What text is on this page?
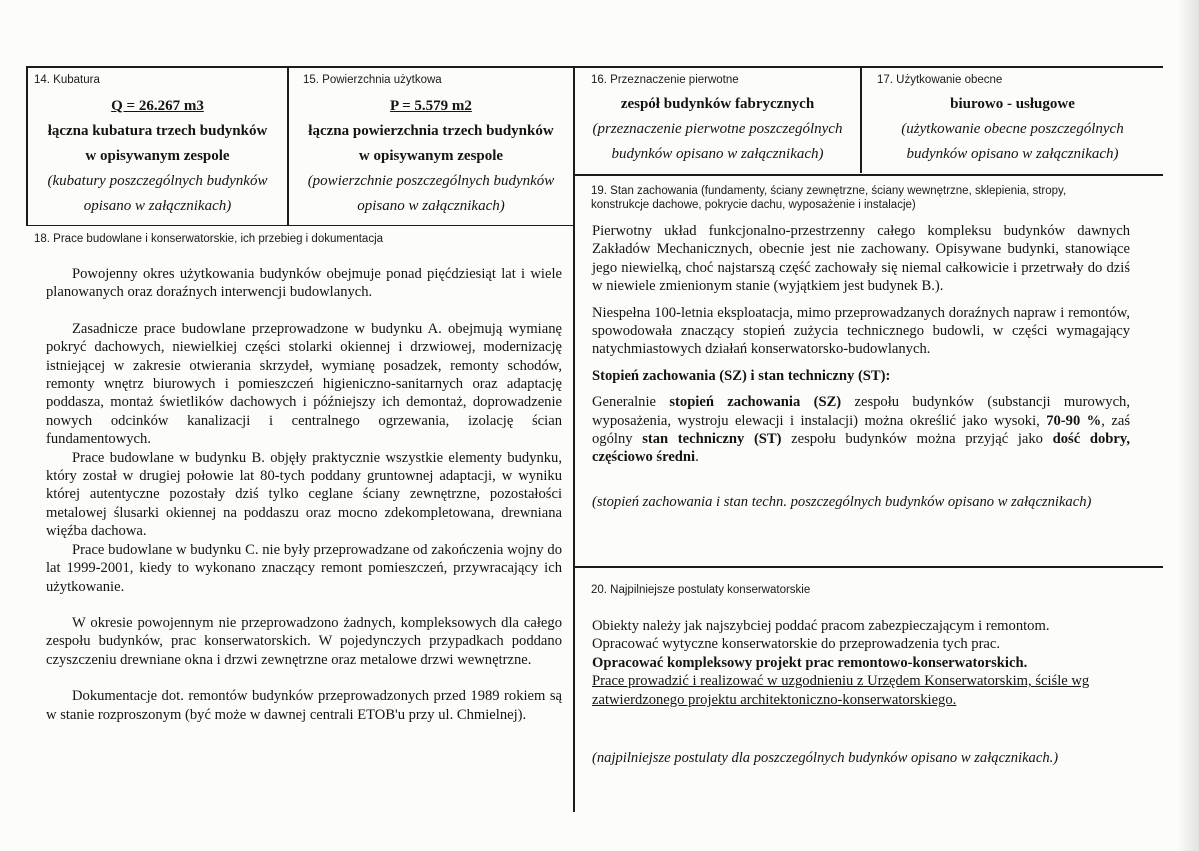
14. Kubatura
Q = 26.267 m3
łączna kubatura trzech budynków
w opisywanym zespole
(kubatury poszczególnych budynków
opisano w załącznikach)
15. Powierzchnia użytkowa
P = 5.579 m2
łączna powierzchnia trzech budynków
w opisywanym zespole
(powierzchnie poszczególnych budynków
opisano w załącznikach)
16. Przeznaczenie pierwotne
zespół budynków fabrycznych
(przeznaczenie pierwotne poszczególnych
budynków opisano w załącznikach)
17. Użytkowanie obecne
biurowo - usługowe
(użytkowanie obecne poszczególnych
budynków opisano w załącznikach)
18. Prace budowlane i konserwatorskie, ich przebieg i dokumentacja

Powojenny okres użytkowania budynków obejmuje ponad pięćdziesiąt lat i wiele planowanych oraz doraźnych interwencji budowlanych.

Zasadnicze prace budowlane przeprowadzone w budynku A. obejmują wymianę pokryć dachowych, niewielkiej części stolarki okiennej i drzwiowej, modernizację istniejącej w zakresie otwierania skrzydeł, wymianę posadzek, remonty schodów, remonty wnętrz biurowych i pomieszczeń higieniczno-sanitarnych oraz adaptację poddasza, montaż świetlików dachowych i późniejszy ich demontaż, doprowadzenie nowych odcinków kanalizacji i centralnego ogrzewania, izolację ścian fundamentowych.

Prace budowlane w budynku B. objęły praktycznie wszystkie elementy budynku, który został w drugiej połowie lat 80-tych poddany gruntownej adaptacji, w wyniku której autentyczne pozostały dziś tylko ceglane ściany zewnętrzne, pozostałości metalowej ślusarki okiennej na poddaszu oraz mocno zdekompletowana, drewniana więźba dachowa.

Prace budowlane w budynku C. nie były przeprowadzane od zakończenia wojny do lat 1999-2001, kiedy to wykonano znaczący remont pomieszczeń, przywracający ich użytkowanie.

W okresie powojennym nie przeprowadzono żadnych, kompleksowych dla całego zespołu budynków, prac konserwatorskich. W pojedynczych przypadkach poddano czyszczeniu drewniane okna i drzwi zewnętrzne oraz metalowe drzwi wewnętrzne.

Dokumentacje dot. remontów budynków przeprowadzonych przed 1989 rokiem są w stanie rozproszonym (być może w dawnej centrali ETOB'u przy ul. Chmielnej).

19. Stan zachowania (fundamenty, ściany zewnętrzne, ściany wewnętrzne, sklepienia, stropy,
konstrukcje dachowe, pokrycie dachu, wyposażenie i instalacje)

Pierwotny układ funkcjonalno-przestrzenny całego kompleksu budynków dawnych Zakładów Mechanicznych, obecnie jest nie zachowany. Opisywane budynki, stanowiące jego niewielką, choć najstarszą część zachowały się niemal całkowicie i przetrwały do dziś w niewiele zmienionym stanie (wyjątkiem jest budynek B.).

Niespełna 100-letnia eksploatacja, mimo przeprowadzanych doraźnych napraw i remontów, spowodowała znaczący stopień zużycia technicznego budowli, w części wymagający natychmiastowych działań konserwatorsko-budowlanych.

Stopień zachowania (SZ) i stan techniczny (ST):

Generalnie stopień zachowania (SZ) zespołu budynków (substancji murowych, wyposażenia, wystroju elewacji i instalacji) można określić jako wysoki, 70-90 %, zaś ogólny stan techniczny (ST) zespołu budynków można przyjąć jako dość dobry, częściowo średni.

(stopień zachowania i stan techn. poszczególnych budynków opisano w załącznikach)

20. Najpilniejsze postulaty konserwatorskie

Obiekty należy jak najszybciej poddać pracom zabezpieczającym i remontom.

Opracować wytyczne konserwatorskie do przeprowadzenia tych prac.

Opracować kompleksowy projekt prac remontowo-konserwatorskich.

Prace prowadzić i realizować w uzgodnieniu z Urzędem Konserwatorskim, ściśle wg

zatwierdzonego projektu architektoniczno-konserwatorskiego.

(najpilniejsze postulaty dla poszczególnych budynków opisano w załącznikach.)
